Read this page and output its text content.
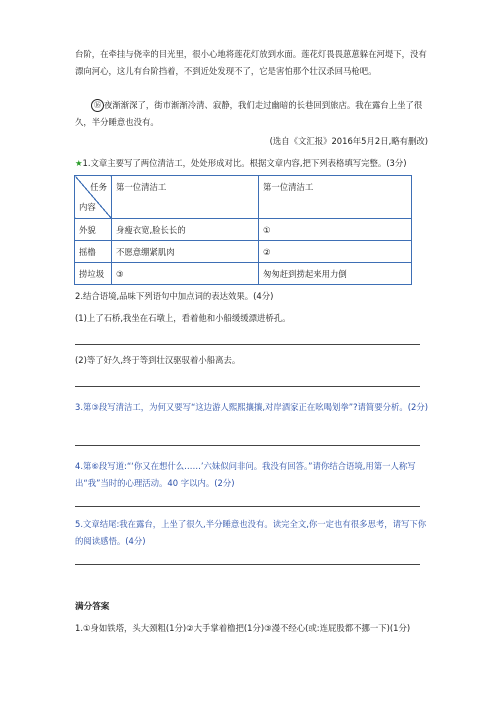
台阶，在牵挂与侥幸的目光里，很小心地将莲花灯放到水面。莲花灯畏畏葸葸躲在河堤下，没有漂向河心，这儿有台阶挡着，不到近处发现不了，它是害怕那个壮汉杀回马枪吧。

⑯ 夜渐渐深了，街市渐渐冷清、寂静，我们走过幽暗的长巷回到旅店。我在露台上坐了很久，半分睡意也没有。

(选自《文汇报》2016年5月2日,略有删改)

★1.文章主要写了两位清洁工，处处形成对比。根据文章内容,把下列表格填写完整。(3分)

任务
内容	第一位清洁工	第一位清洁工

外貌	身瘦衣宽,脸长长的	①
摇橹	不愿意绷紧肌肉	②
捞垃圾	③	匆匆赶到捞起来用力倒

2.结合语境,品味下列语句中加点词的表达效果。(4分)

(1)上了石桥,我坐在石墩上，看着他和小船缓缓漂进桥孔。

(2)等了好久,终于等到壮汉驱驭着小船离去。

3.第③段写清洁工，为何又要写“这边游人熙熙攘攘,对岸酒家正在吆喝划拳”?请简要分析。(2分)

4.第⑥段写道:“‘你又在想什么……’六妹似问非问。我没有回答。”请你结合语境,用第一人称写出“我”当时的心理活动。40 字以内。(2分)

5.文章结尾:我在露台，上坐了很久,半分睡意也没有。读完全文,你一定也有很多思考，请写下你的阅读感悟。(4分)

满分答案

1.①身如铁塔，头大颈粗(1分)②大手掌着橹把(1分)③漫不经心(或:连屁股都不挪一下)(1分)
